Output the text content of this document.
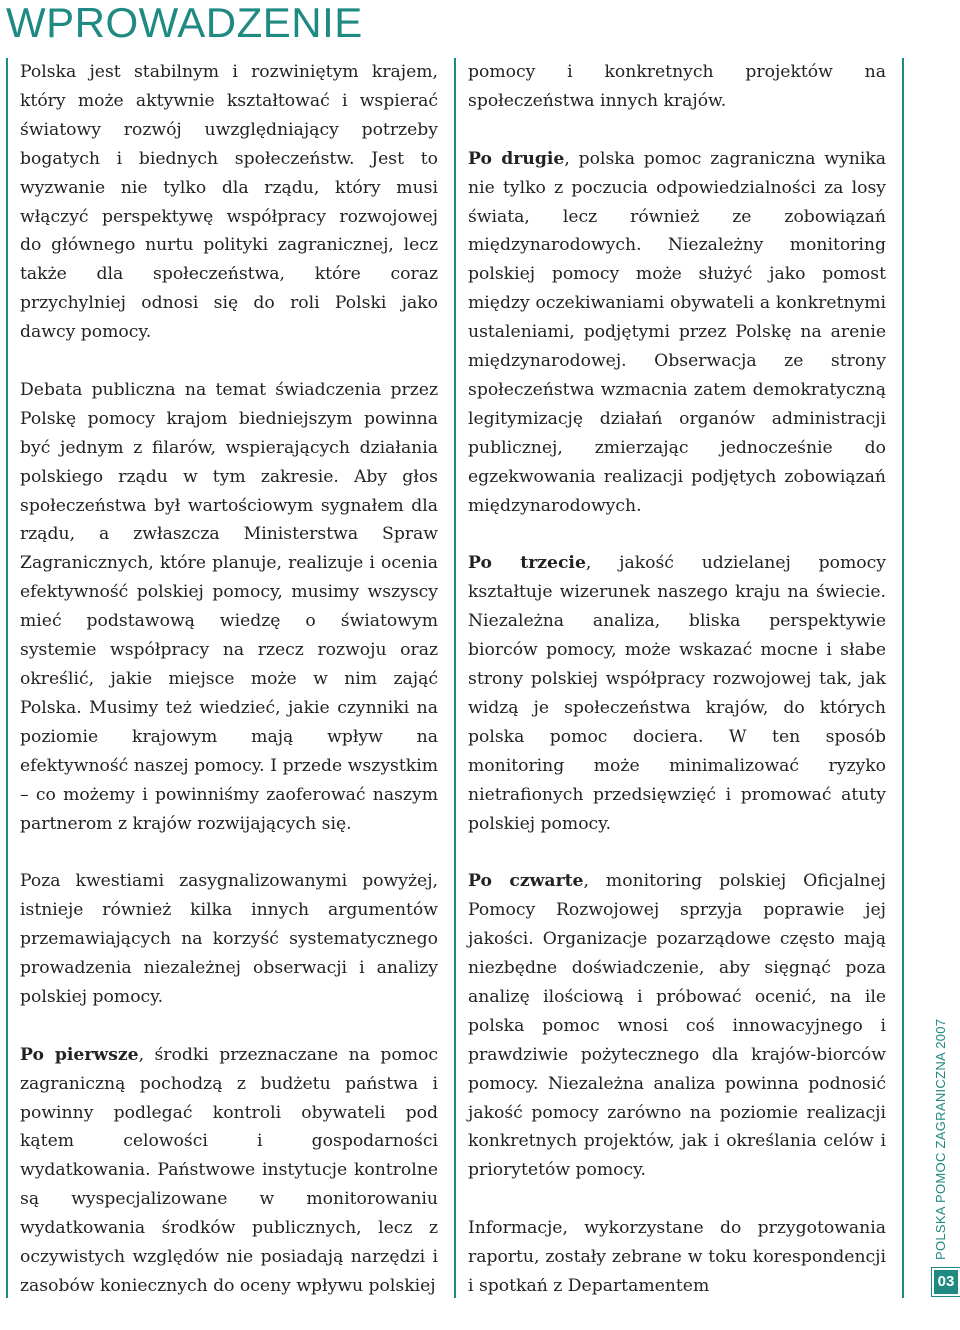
WPROWADZENIE

Polska jest stabilnym i rozwiniętym krajem, który może aktywnie kształtować i wspierać światowy rozwój uwzględniający potrzeby bogatych i biednych społeczeństw. Jest to wyzwanie nie tylko dla rządu, który musi włączyć perspektywę współpracy rozwojowej do głównego nurtu polityki zagranicznej, lecz także dla społeczeństwa, które coraz przychylniej odnosi się do roli Polski jako dawcy pomocy.

Debata publiczna na temat świadczenia przez Polskę pomocy krajom biedniejszym powinna być jednym z filarów, wspierających działania polskiego rządu w tym zakresie. Aby głos społeczeństwa był wartościowym sygnałem dla rządu, a zwłaszcza Ministerstwa Spraw Zagranicznych, które planuje, realizuje i ocenia efektywność polskiej pomocy, musimy wszyscy mieć podstawową wiedzę o światowym systemie współpracy na rzecz rozwoju oraz określić, jakie miejsce może w nim zająć Polska. Musimy też wiedzieć, jakie czynniki na poziomie krajowym mają wpływ na efektywność naszej pomocy. I przede wszystkim – co możemy i powinniśmy zaoferować naszym partnerom z krajów rozwijających się.

Poza kwestiami zasygnalizowanymi powyżej, istnieje również kilka innych argumentów przemawiających na korzyść systematycznego prowadzenia niezależnej obserwacji i analizy polskiej pomocy.

Po pierwsze, środki przeznaczane na pomoc zagraniczną pochodzą z budżetu państwa i powinny podlegać kontroli obywateli pod kątem celowości i gospodarności wydatkowania. Państwowe instytucje kontrolne są wyspecjalizowane w monitorowaniu wydatkowania środków publicznych, lecz z oczywistych względów nie posiadają narzędzi i zasobów koniecznych do oceny wpływu polskiej

pomocy i konkretnych projektów na społeczeństwa innych krajów.

Po drugie, polska pomoc zagraniczna wynika nie tylko z poczucia odpowiedzialności za losy świata, lecz również ze zobowiązań międzynarodowych. Niezależny monitoring polskiej pomocy może służyć jako pomost między oczekiwaniami obywateli a konkretnymi ustaleniami, podjętymi przez Polskę na arenie międzynarodowej. Obserwacja ze strony społeczeństwa wzmacnia zatem demokratyczną legitymizację działań organów administracji publicznej, zmierzając jednocześnie do egzekwowania realizacji podjętych zobowiązań międzynarodowych.

Po trzecie, jakość udzielanej pomocy kształtuje wizerunek naszego kraju na świecie. Niezależna analiza, bliska perspektywie biorców pomocy, może wskazać mocne i słabe strony polskiej współpracy rozwojowej tak, jak widzą je społeczeństwa krajów, do których polska pomoc dociera. W ten sposób monitoring może minimalizować ryzyko nietrafionych przedsięwzięć i promować atuty polskiej pomocy.

Po czwarte, monitoring polskiej Oficjalnej Pomocy Rozwojowej sprzyja poprawie jej jakości. Organizacje pozarządowe często mają niezbędne doświadczenie, aby sięgnąć poza analizę ilościową i próbować ocenić, na ile polska pomoc wnosi coś innowacyjnego i prawdziwie pożytecznego dla krajów-biorców pomocy. Niezależna analiza powinna podnosić jakość pomocy zarówno na poziomie realizacji konkretnych projektów, jak i określania celów i priorytetów pomocy.

Informacje, wykorzystane do przygotowania raportu, zostały zebrane w toku korespondencji i spotkań z Departamentem

POLSKA POMOC ZAGRANICZNA 2007
03
